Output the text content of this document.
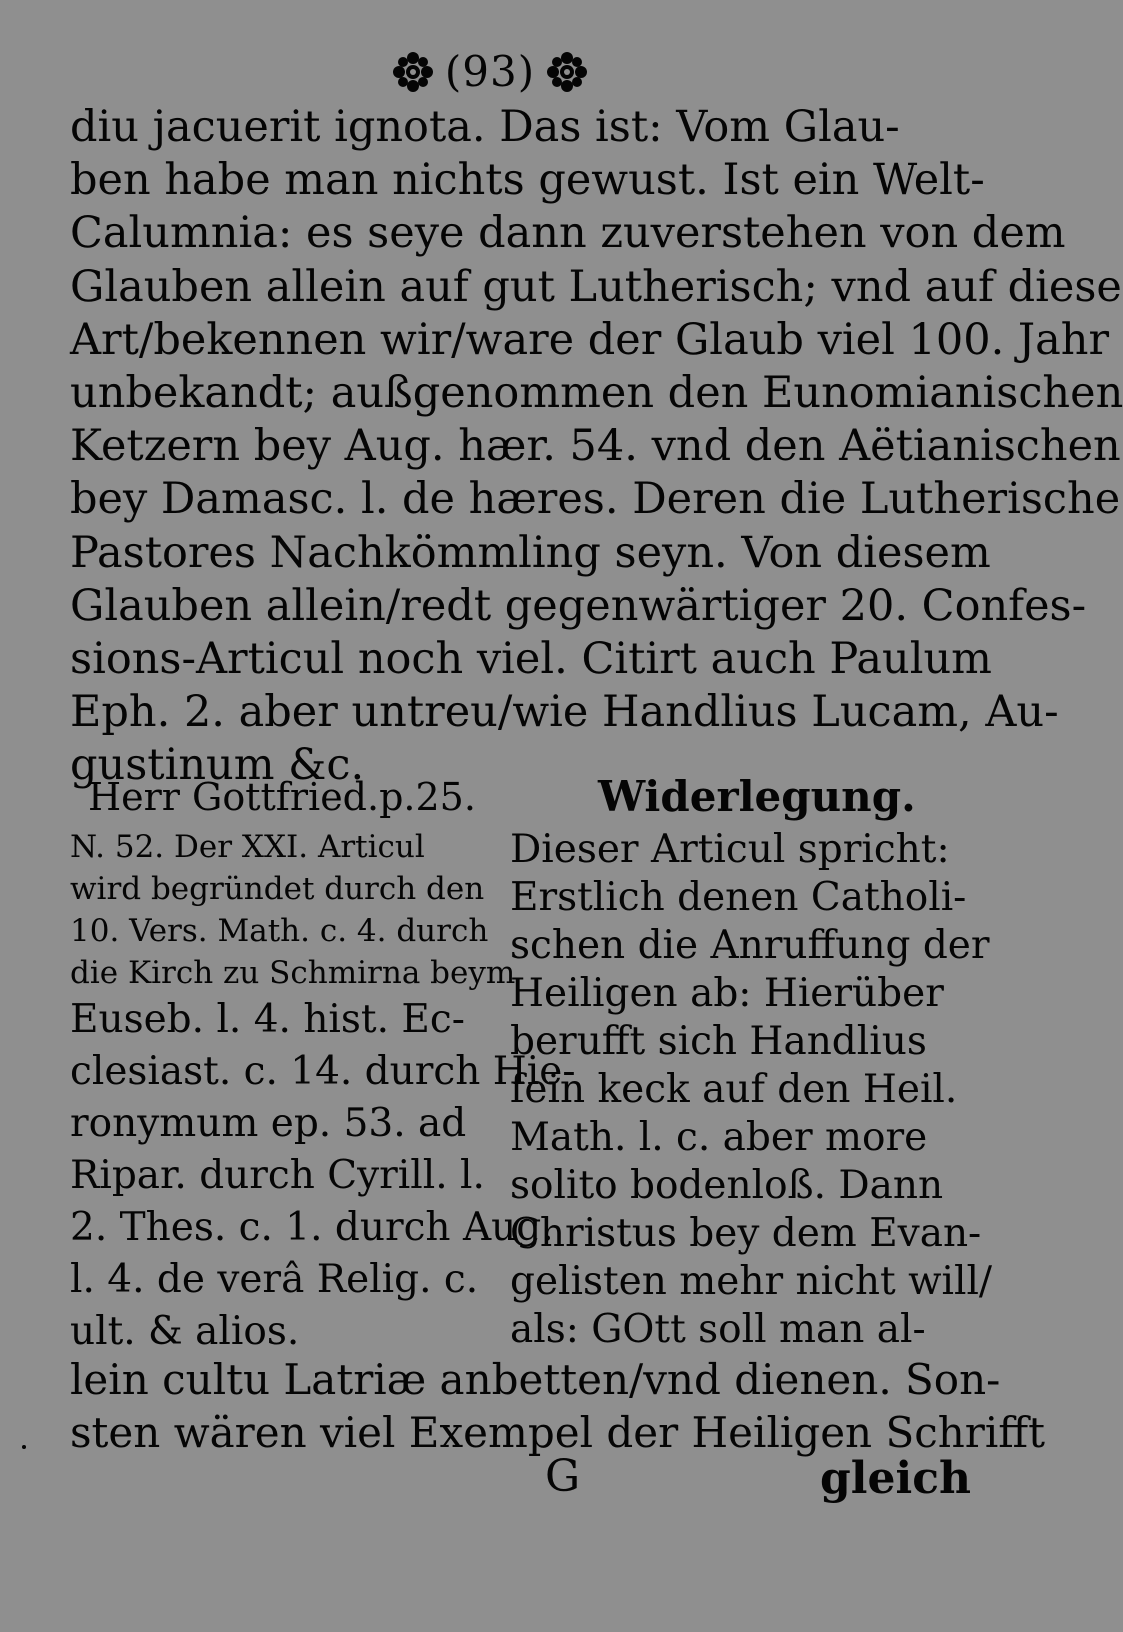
(93)
diu jacuerit ignota. Das ist: Vom Glau-
ben habe man nichts gewust. Ist ein Welt-
Calumnia: es seye dann zuverstehen von dem
Glauben allein auf gut Lutherisch; vnd auf diese
Art/bekennen wir/ware der Glaub viel 100. Jahr
unbekandt; außgenommen den Eunomianischen
Ketzern bey Aug. hær. 54. vnd den Aëtianischen
bey Damasc. l. de hæres. Deren die Lutherische
Pastores Nachkömmling seyn. Von diesem
Glauben allein/redt gegenwärtiger 20. Confes-
sions-Articul noch viel. Citirt auch Paulum
Eph. 2. aber untreu/wie Handlius Lucam, Au-
gustinum &c.
Herr Gottfried.p.25.
N. 52. Der XXI. Articul
wird begründet durch den
10. Vers. Math. c. 4. durch
die Kirch zu Schmirna beym
Euseb. l. 4. hist. Ec-
clesiast. c. 14. durch Hie-
ronymum ep. 53. ad
Ripar. durch Cyrill. l.
2. Thes. c. 1. durch Aug.
l. 4. de verâ Relig. c.
ult. & alios.
Widerlegung.
Dieser Articul spricht:
Erstlich denen Catholi-
schen die Anruffung der
Heiligen ab: Hierüber
berufft sich Handlius
fein keck auf den Heil.
Math. l. c. aber more
solito bodenloß. Dann
Christus bey dem Evan-
gelisten mehr nicht will/
als: GOtt soll man al-
lein cultu Latriæ anbetten/vnd dienen. Son-
sten wären viel Exempel der Heiligen Schrifft
G	gleich
